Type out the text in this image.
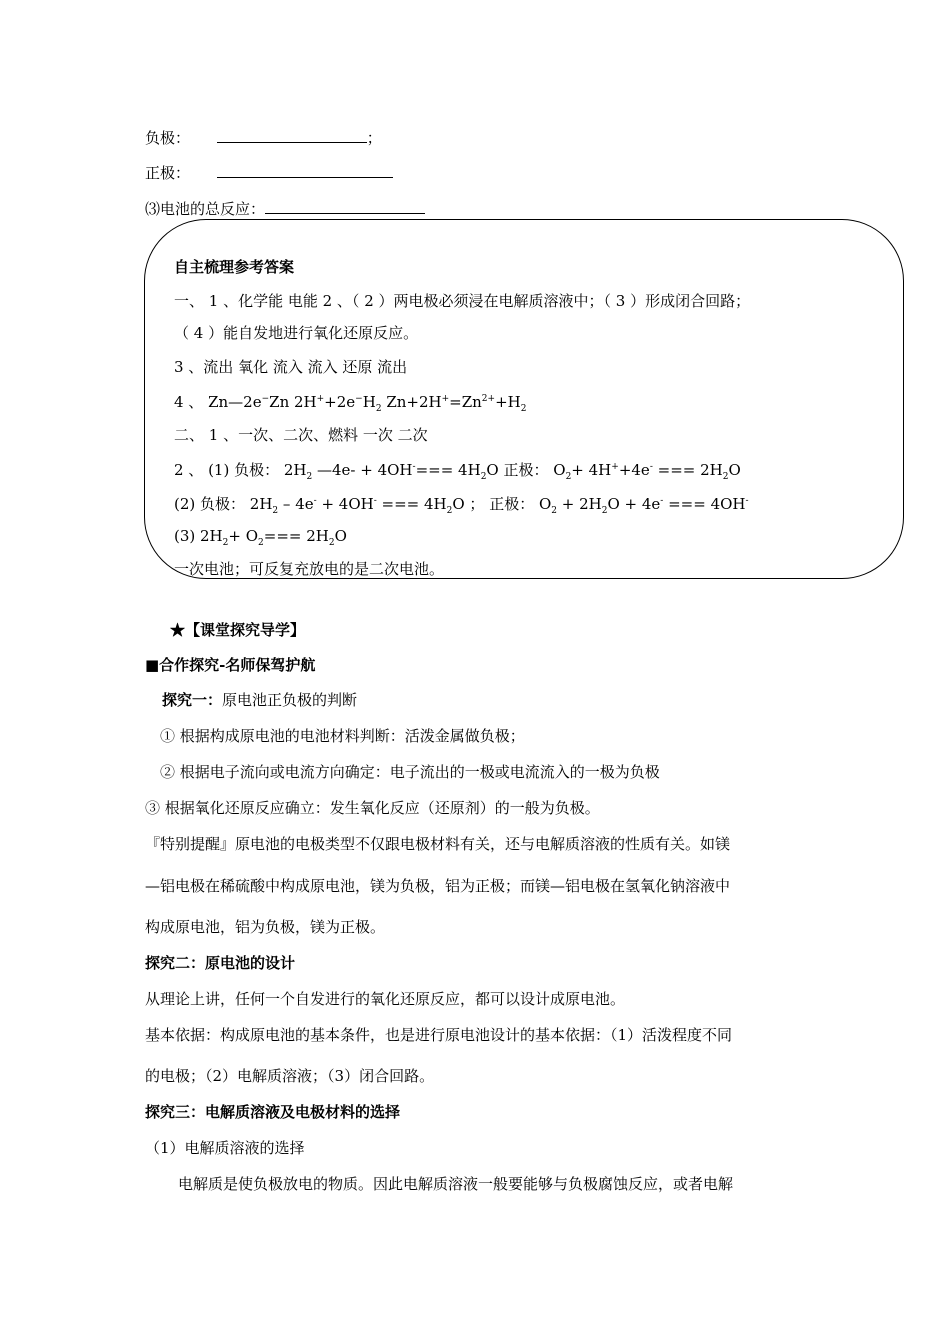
负极：	；
正极：
⑶电池的总反应：
自主梳理参考答案
一、 1 、化学能 电能 2 、（ 2 ）两电极必须浸在电解质溶液中；（ 3 ）形成闭合回路；
（ 4 ）能自发地进行氧化还原反应。
3 、流出 氧化 流入 流入 还原 流出
4 、 Zn—2e−Zn $2H^++2e^-H_2$ $Zn+2H^+=Zn^{2+}+H_2$
二、 1 、一次、二次、燃料 一次 二次
2 、 (1) 负极： $2H_2$ —4e- + $4OH^-=== 4H_2O$ 正极： $O_2+ 4H^++4e^-$ === $2H_2O$
(2) 负极： $2H_2 - 4e^- + 4OH^-$ === $4H_2O$ ； 正极： $O_2 + 2H_2O + 4e^-$ === 4OH-
(3) $2H_2+ O_2=== 2H_2O$
一次电池；可反复充放电的是二次电池。
★【课堂探究导学】
■合作探究-名师保驾护航
探究一：原电池正负极的判断
① 根据构成原电池的电池材料判断：活泼金属做负极；
② 根据电子流向或电流方向确定：电子流出的一极或电流流入的一极为负极
③ 根据氧化还原反应确立：发生氧化反应（还原剂）的一般为负极。
『特别提醒』原电池的电极类型不仅跟电极材料有关，还与电解质溶液的性质有关。如镁
—铝电极在稀硫酸中构成原电池，镁为负极，铝为正极；而镁—铝电极在氢氧化钠溶液中
构成原电池，铝为负极，镁为正极。
探究二：原电池的设计
从理论上讲，任何一个自发进行的氧化还原反应，都可以设计成原电池。
基本依据：构成原电池的基本条件，也是进行原电池设计的基本依据：（1）活泼程度不同
的电极；（2）电解质溶液；（3）闭合回路。
探究三：电解质溶液及电极材料的选择
（1）电解质溶液的选择
电解质是使负极放电的物质。因此电解质溶液一般要能够与负极腐蚀反应，或者电解
